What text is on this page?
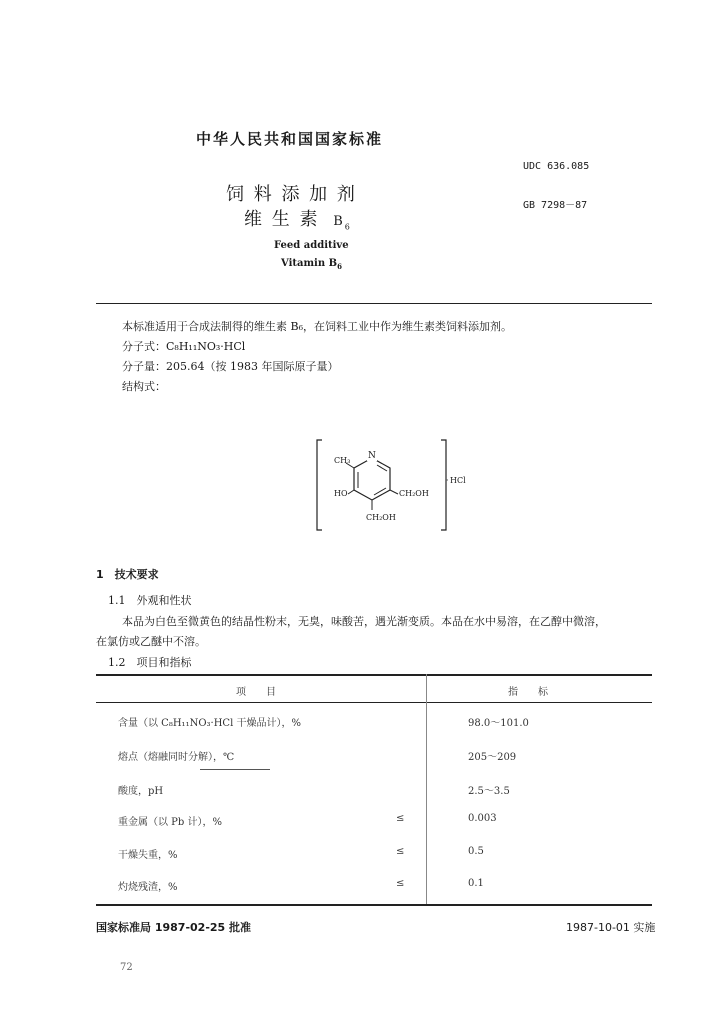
中华人民共和国国家标准
UDC 636.085
GB 7298－87
饲 料 添 加 剂
维 生 素 $B_6$
Feed additive
Vitamin $B_6$
本标准适用于合成法制得的维生素 B₆，在饲料工业中作为维生素类饲料添加剂。
分子式：C₈H₁₁NO₃·HCl
分子量：205.64（按 1983 年国际原子量）
结构式：
N
CH₃
HO	CH₂OH
CH₂OH
HCl
·
1　技术要求
1.1　外观和性状
本品为白色至微黄色的结晶性粉末，无臭，味酸苦，遇光渐变质。本品在水中易溶，在乙醇中微溶，
在氯仿或乙醚中不溶。
1.2　项目和指标
项　　目	指　　标
含量（以 C₈H₁₁NO₃·HCl 干燥品计），%	98.0～101.0
熔点（熔融同时分解），℃	205～209
酸度，pH	2.5～3.5
重金属（以 Pb 计），%	≤	0.003
干燥失重，%	≤	0.5
灼烧残渣，%	≤	0.1
国家标准局 1987-02-25 批准	1987-10-01 实施
72
